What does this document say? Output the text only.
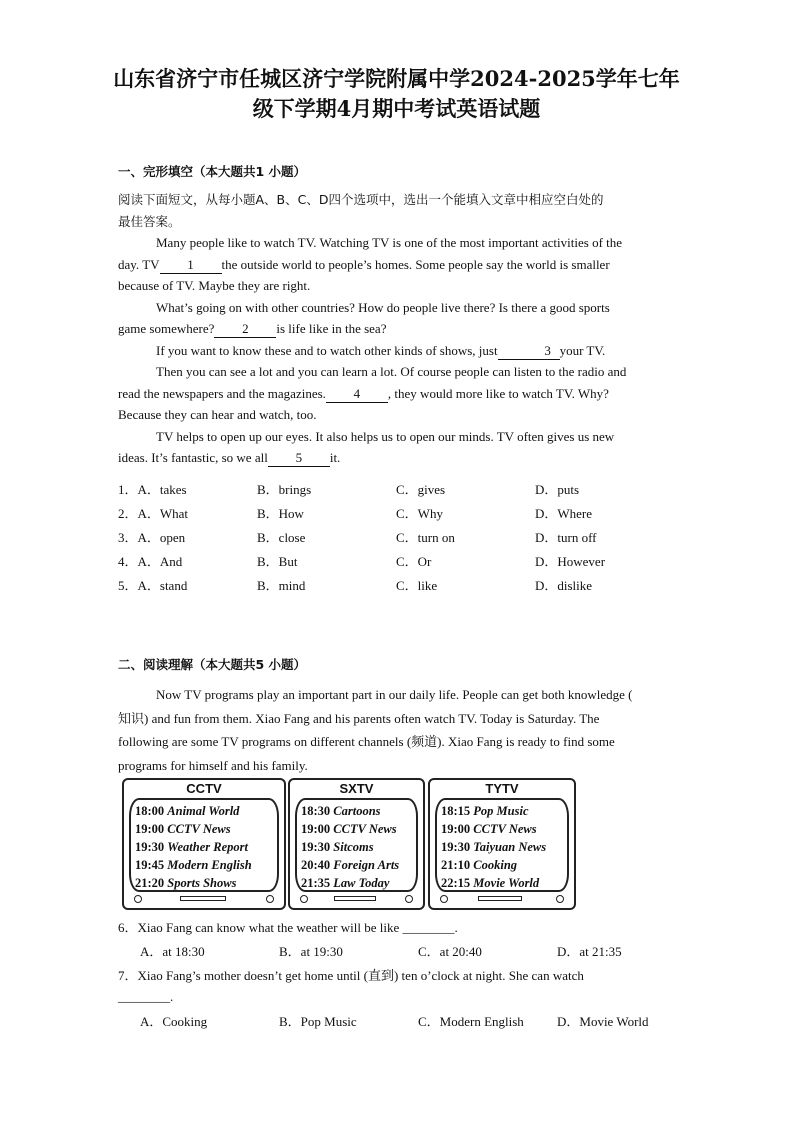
山东省济宁市任城区济宁学院附属中学2024-2025学年七年
级下学期4月期中考试英语试题
一、完形填空（本大题共1 小题）

阅读下面短文，从每小题A、B、C、D四个选项中，选出一个能填入文章中相应空白处的

最佳答案。

Many people like to watch TV. Watching TV is one of the most important activities of the

day. TV 1 the outside world to people’s homes. Some people say the world is smaller

because of TV. Maybe they are right.

What’s going on with other countries? How do people live there? Is there a good sports

game somewhere? 2 is life like in the sea?

If you want to know these and to watch other kinds of shows, just	3 your TV.

Then you can see a lot and you can learn a lot. Of course people can listen to the radio and

read the newspapers and the magazines. 4 , they would more like to watch TV. Why?

Because they can hear and watch, too.

TV helps to open up our eyes. It also helps us to open our minds. TV often gives us new

ideas. It’s fantastic, so we all 5 it.

1．A．takes	B．brings	C．gives	D．puts
2．A．What	B．How	C．Why	D．Where
3．A．open	B．close	C．turn on	D．turn off
4．A．And	B．But	C．Or	D．However
5．A．stand	B．mind	C．like	D．dislike
二、阅读理解（本大题共5 小题）

Now TV programs play an important part in our daily life. People can get both knowledge (

知识) and fun from them. Xiao Fang and his parents often watch TV. Today is Saturday. The

following are some TV programs on different channels (频道). Xiao Fang is ready to find some

programs for himself and his family.

CCTV
18:00 Animal World
19:00 CCTV News
19:30 Weather Report
19:45 Modern English
21:20 Sports Shows
SXTV
18:30 Cartoons
19:00 CCTV News
19:30 Sitcoms
20:40 Foreign Arts
21:35 Law Today
TYTV
18:15 Pop Music
19:00 CCTV News
19:30 Taiyuan News
21:10 Cooking
22:15 Movie World
6．Xiao Fang can know what the weather will be like ________.
A．at 18:30	B．at 19:30	C．at 20:40	D．at 21:35
7．Xiao Fang’s mother doesn’t get home until (直到) ten o’clock at night. She can watch
________.
A．Cooking	B．Pop Music	C．Modern English	D．Movie World
